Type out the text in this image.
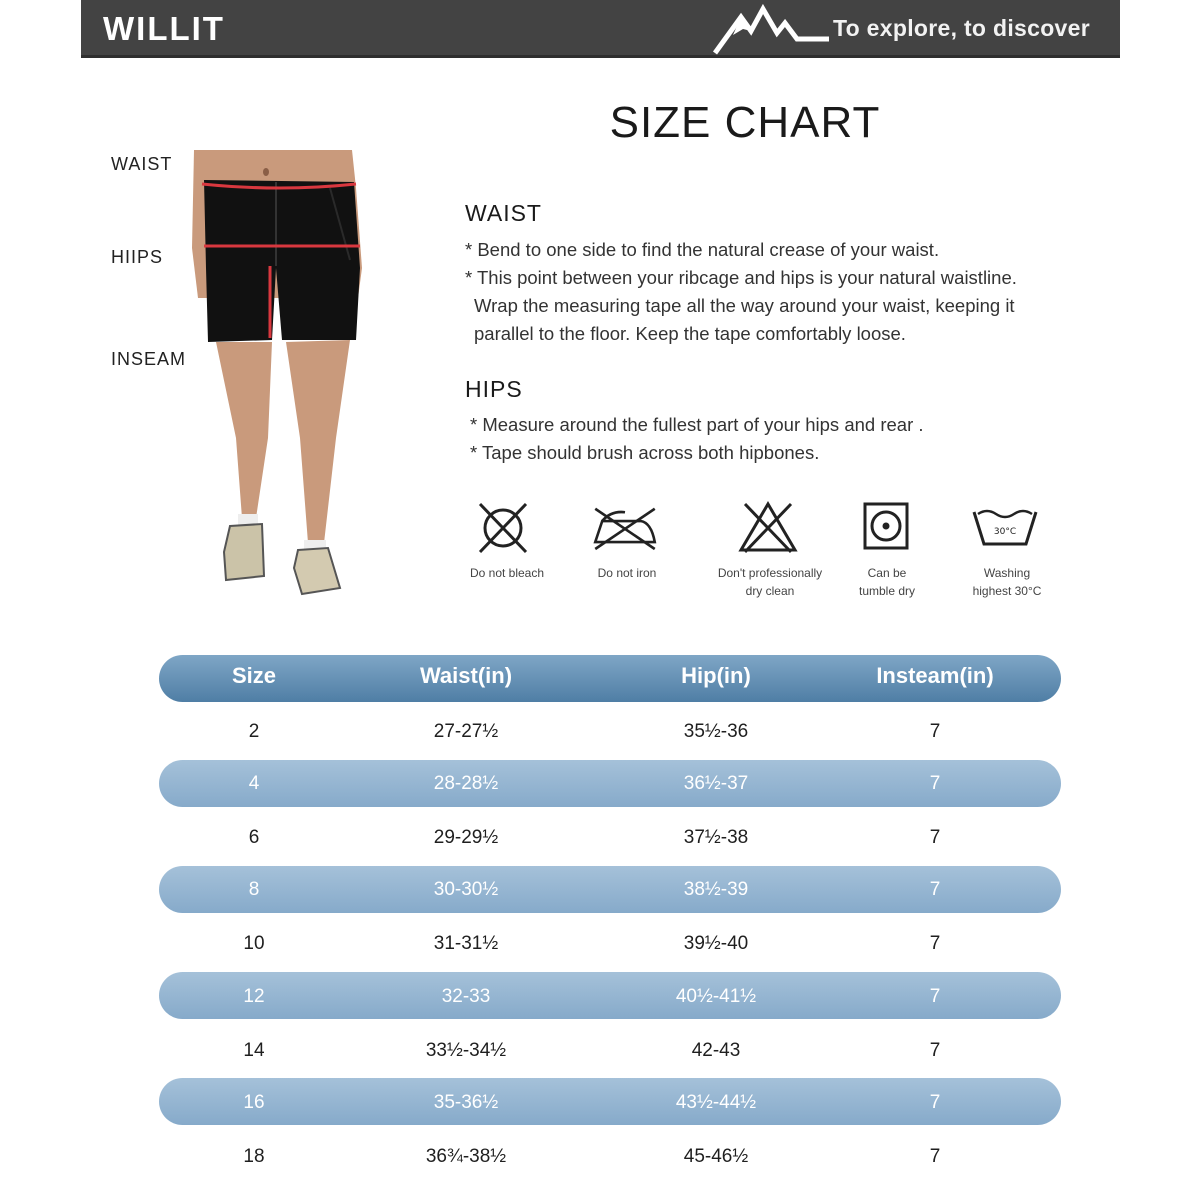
WILLIT	To explore, to discover
SIZE CHART
WAIST
HIIPS
INSEAM
WAIST
* Bend to one side to find the natural crease of your waist.
* This point between your ribcage and hips is your natural waistline.
Wrap the measuring tape all the way around your waist, keeping it
parallel to the floor. Keep the tape comfortably loose.
HIPS
* Measure around the fullest part of your hips and rear .
* Tape should brush across both hipbones.
Do not bleach	Do not iron	Don't professionally
dry clean
Can be
tumble dry
30°C
Washing
highest 30°C
Size	Waist(in)	Hip(in)	Insteam(in)
2	27-27½	35½-36	7
4	28-28½	36½-37	7
6	29-29½	37½-38	7
8	30-30½	38½-39	7
10	31-31½	39½-40	7
12	32-33	40½-41½	7
14	33½-34½	42-43	7
16	35-36½	43½-44½	7
18	36¾-38½	45-46½	7
